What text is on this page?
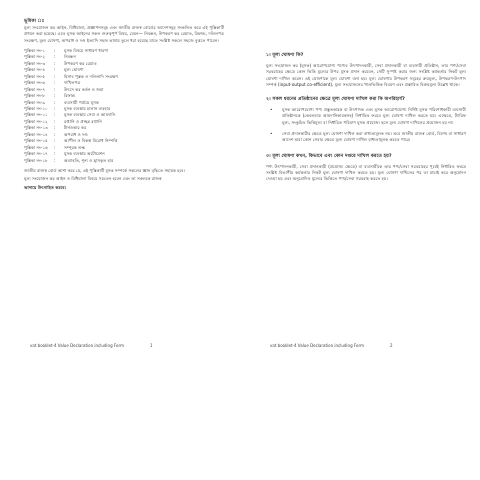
ভূমিকা ঃ

মূল্য সংযোজন কর আইন, বিধিমালা, প্রজ্ঞাপনসমূহ এবং জাতীয় রাজস্ব বোর্ডের আদেশসমূহ সংকলিত করে এই পুস্তিকাটি প্রণয়ন করা হয়েছে। এতে মূসক আইনের সকল গুরুত্বপূর্ণ বিষয়, যেমন— নিবন্ধন, উপকরণ কর রেয়াত, রিফান্ড, দলিলপত্র সংরক্ষণ, মূল্য ঘোষণা, অপরাধ ও দণ্ড ইত্যাদি সহজ ভাষায় তুলে ধরা হয়েছে যাতে সংশ্লিষ্ট সকলে সহজে বুঝতে পারেন।

পুস্তিকা নং-১	:	মূসক বিষয়ে সাধারণ ধারণা
পুস্তিকা নং-২	:	নিবন্ধন
পুস্তিকা নং-৩	:	উপকরণ কর রেয়াত
পুস্তিকা নং-৪	:	মূল্য ঘোষণা
পুস্তিকা নং-৫	:	হিসাব পুস্তক ও দলিলাদি সংরক্ষণ
পুস্তিকা নং-৬	:	দাখিলপত্র
পুস্তিকা নং-৭	:	উৎসে কর কর্তন ও জমা
পুস্তিকা নং-৮	:	রিফান্ড
পুস্তিকা নং-৯	:	ব্যবসায়ী পর্যায়ে মূসক
পুস্তিকা নং-১০	:	মূসক ব্যবস্থায় চালান ব্যবহার
পুস্তিকা নং-১১	:	মূসক ব্যবস্থায় সেবা ও আমদানি
পুস্তিকা নং-১২	:	রপ্তানি ও প্রচ্ছন্ন রপ্তানি
পুস্তিকা নং-১৩	:	টার্নওভার কর
পুস্তিকা নং-১৪	:	অপরাধ ও দণ্ড
পুস্তিকা নং-১৫	:	আপীল ও বিকল্প বিরোধ নিষ্পত্তি
পুস্তিকা নং-১৬	:	সম্পূরক শুল্ক
পুস্তিকা নং-১৭	:	মূসক ব্যবস্থায় অটোমেশন
পুস্তিকা নং-১৮	:	অব্যাহতি, শূন্য ও হ্রাসকৃত হার

জাতীয় রাজস্ব বোর্ড আশা করে যে, এই পুস্তিকাটি মূসক সম্পর্কে সকলের জ্ঞান বৃদ্ধিতে সহায়ক হবে।

মূল্য সংযোজন কর আইন ও বিধিমালা বিষয়ে সচেতন হবেন এবং তা সকলকে রাজস্ব

আদায়ে উৎসাহিত করবে।

vat booklet-4 Value Declaration including Form	1

১। মূল্য ঘোষণা কি?

মূল্য সংযোজন কর (মূসক) আরোপযোগ্য পণ্যের উৎপাদনকারী, সেবা প্রদানকারী বা ব্যবসায়ী প্রতিষ্ঠান, তার পণ্য/সেবা সরবরাহের ক্ষেত্রে কোন ভিত্তি মূল্যের উপর মূসক প্রদান করবেন, সেটি সুস্পষ্ট করার জন্য সংশ্লিষ্ট কর্মকর্তার নিকট মূল্য ঘোষণা দাখিল করেন। এই ঘোষণাকে মূল্য ঘোষণা বলা হয়। মূল্য ঘোষণায় উপকরণ সমূহের ক্রয়মূল্য, উপকরণ-উৎপাদ সম্পর্ক (input-output co-efficient), মূল্য সংযোজনের খাতভিত্তিক বিবরণ এবং প্রস্তাবিত বিক্রয়মূল্য উল্লেখ থাকে।

২। সকল ধরনের প্রতিষ্ঠানের ক্ষেত্রে মূল্য ঘোষণা দাখিল করা কি অপরিহার্য?

•	মূসক আরোপযোগ্য পণ্য প্রস্তুতকারক বা উৎপাদক এবং মূসক আরোপযোগ্য নির্দিষ্ট মূসক পরিশোধকারী ব্যবসায়ী প্রতিষ্ঠানকে (কেবলমাত্র আমদানিকারকসহ) নির্ধারিত ফরমে মূল্য ঘোষণা দাখিল করতে হয়। এক্ষেত্রে, ট্যারিফ মূল্য, সংকুচিত ভিত্তিমূল্য বা নির্ধারিত পরিমাণ মূসক প্রযোজ্য হলে মূল্য ঘোষণা দাখিলের প্রয়োজন হয় না।
•	সেবা প্রদানকারীর ক্ষেত্রে মূল্য ঘোষণা দাখিল করা বাধ্যতামূলক নয়। তবে জাতীয় রাজস্ব বোর্ড, বিশেষ বা সাধারণ আদেশ দ্বারা কোন সেবার ক্ষেত্রে মূল্য ঘোষণা দাখিল বাধ্যতামূলক করতে পারে।

৩। মূল্য ঘোষণা কখন, কিভাবে এবং কোন দপ্তরে দাখিল করতে হয়?

পণ্য উৎপাদনকারী, সেবা প্রদানকারী (প্রযোজ্য ক্ষেত্রে) বা ব্যবসায়ীকে তার পণ্য/সেবা সরবরাহের পূর্বেই নির্ধারিত ফরমে সংশ্লিষ্ট বিভাগীয় কর্মকর্তার নিকট মূল্য ঘোষণা দাখিল করতে হয়। মূল্য ঘোষণা দাখিলের পর তা যাচাই করে অনুমোদন দেওয়া হয় এবং অনুমোদিত মূল্যের ভিত্তিতে পণ্য/সেবা সরবরাহ করতে হয়।

vat booklet-4 Value Declaration including Form	2
